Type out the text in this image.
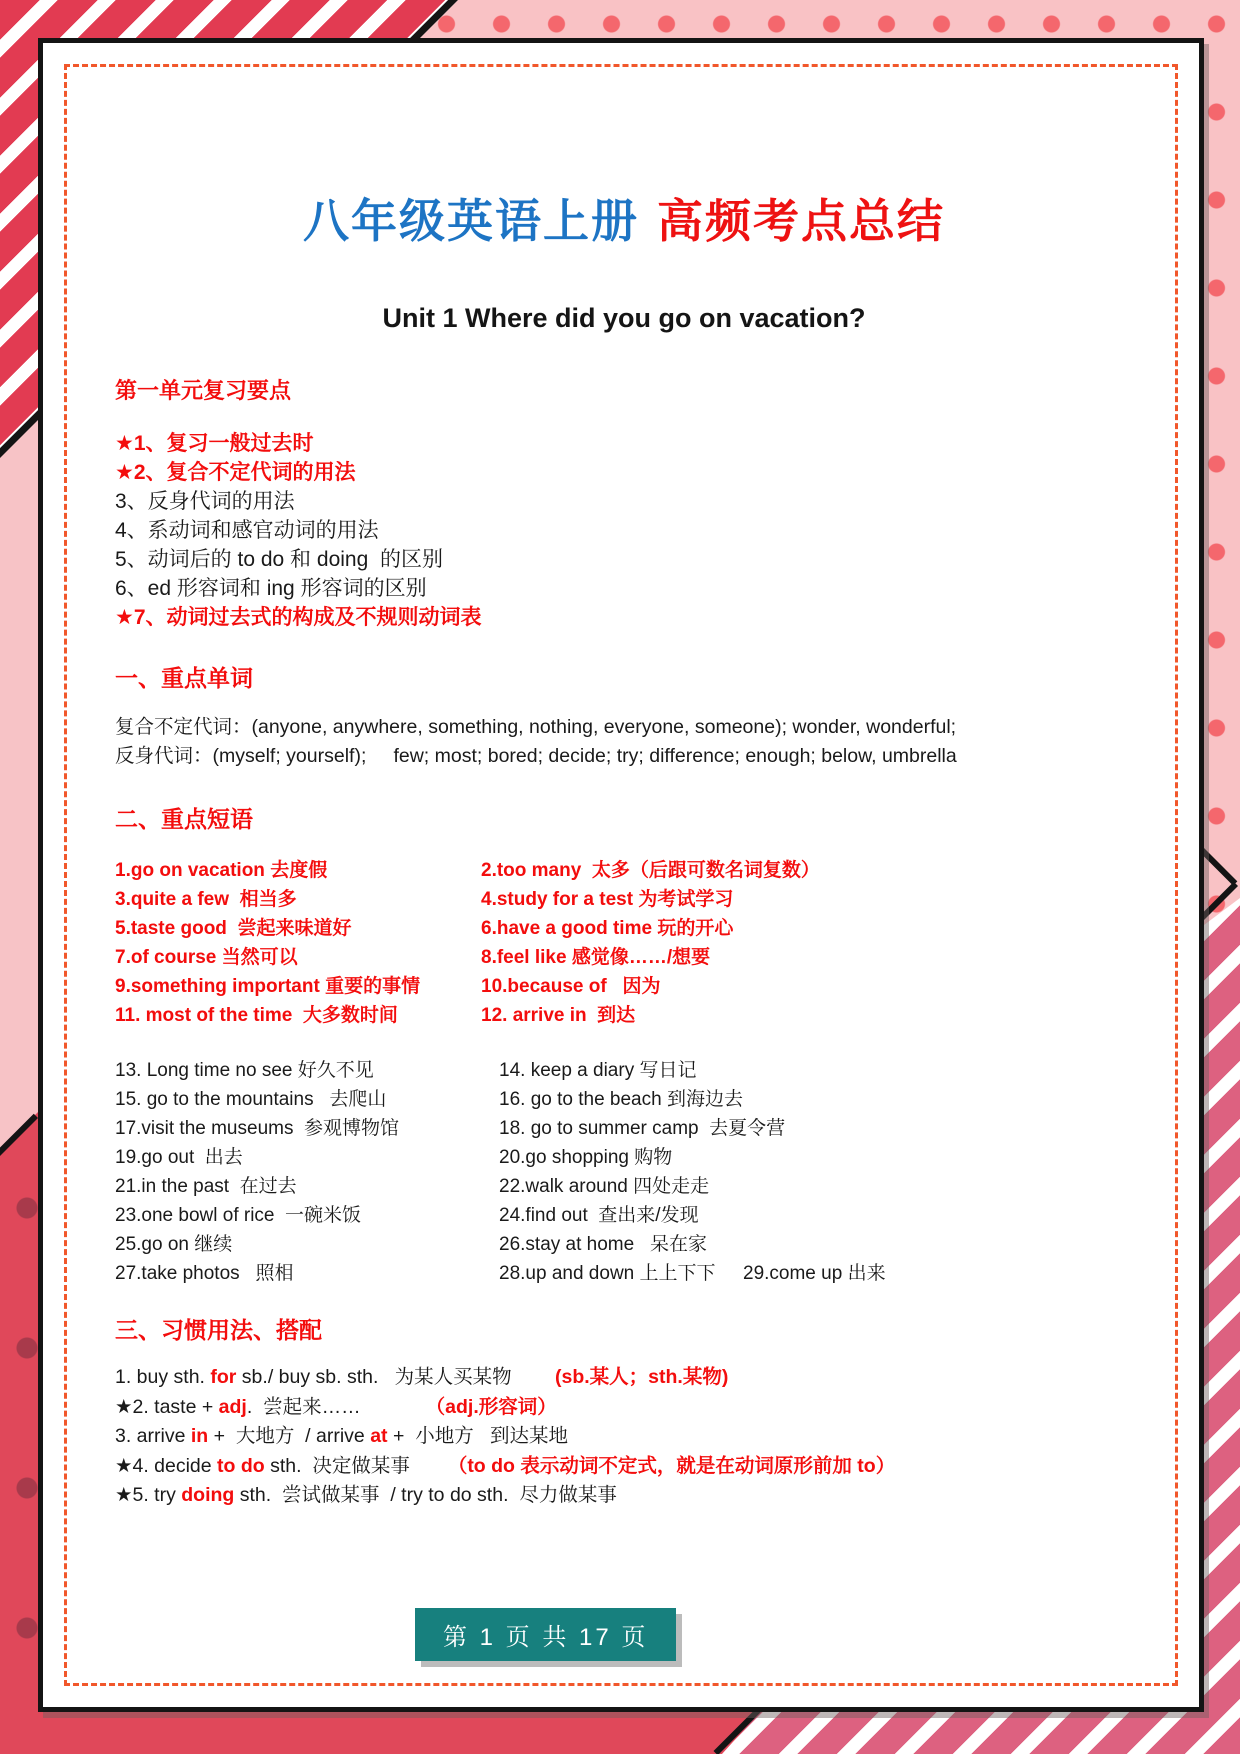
八年级英语上册 高频考点总结
Unit 1 Where did you go on vacation?
第一单元复习要点
★1、复习一般过去时
★2、复合不定代词的用法
3、反身代词的用法
4、系动词和感官动词的用法
5、动词后的 to do 和 doing  的区别
6、ed 形容词和 ing 形容词的区别
★7、动词过去式的构成及不规则动词表
一、重点单词
复合不定代词：(anyone, anywhere, something, nothing, everyone, someone); wonder, wonderful;
反身代词：(myself; yourself);     few; most; bored; decide; try; difference; enough; below, umbrella
二、重点短语
1.go on vacation 去度假	2.too many  太多（后跟可数名词复数）
3.quite a few  相当多	4.study for a test 为考试学习
5.taste good  尝起来味道好	6.have a good time 玩的开心
7.of course 当然可以	8.feel like 感觉像……/想要
9.something important 重要的事情	10.because of   因为
11. most of the time  大多数时间	12. arrive in  到达
13. Long time no see 好久不见	14. keep a diary 写日记
15. go to the mountains   去爬山	16. go to the beach 到海边去
17.visit the museums  参观博物馆	18. go to summer camp  去夏令营
19.go out  出去	20.go shopping 购物
21.in the past  在过去	22.walk around 四处走走
23.one bowl of rice  一碗米饭	24.find out  查出来/发现
25.go on 继续	26.stay at home   呆在家
27.take photos   照相	28.up and down 上上下下	29.come up 出来
三、习惯用法、搭配
1. buy sth. for sb./ buy sb. sth.   为某人买某物        (sb.某人；sth.某物)
★2. taste + adj.  尝起来……            （adj.形容词）
3. arrive in +  大地方  / arrive at +  小地方   到达某地
★4. decide to do sth.  决定做某事       （to do 表示动词不定式，就是在动词原形前加 to）
★5. try doing sth.  尝试做某事  / try to do sth.  尽力做某事
第 1 页 共 17 页
